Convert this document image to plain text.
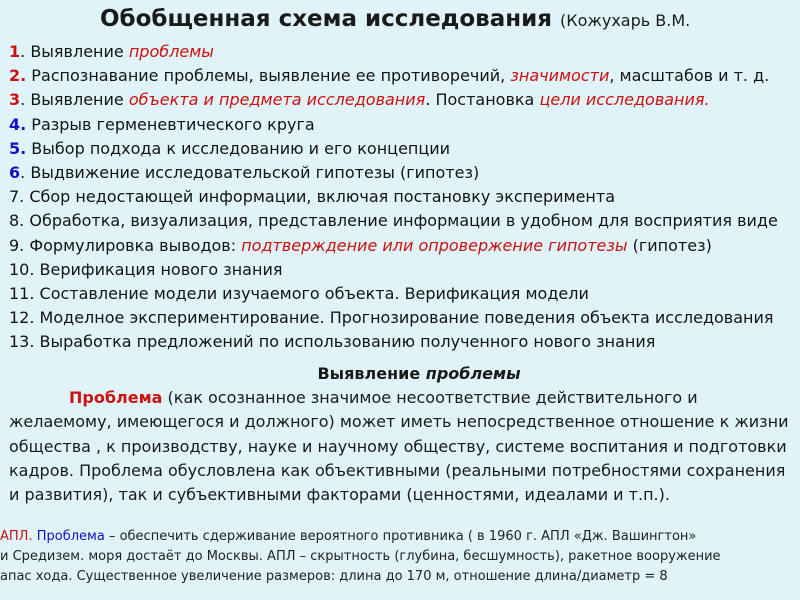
Обобщенная схема исследования (Кожухарь В.М.

1. Выявление проблемы

2. Распознавание проблемы, выявление ее противоречий, значимости, масштабов и т. д.

3. Выявление объекта и предмета исследования. Постановка цели исследования.

4. Разрыв герменевтического круга

5. Выбор подхода к исследованию и его концепции

6. Выдвижение исследовательской гипотезы (гипотез)

7. Сбор недостающей информации, включая постановку эксперимента

8. Обработка, визуализация, представление информации в удобном для восприятия виде

9. Формулировка выводов: подтверждение или опровержение гипотезы (гипотез)

10. Верификация нового знания

11. Составление модели изучаемого объекта. Верификация модели

12. Моделное экспериментирование. Прогнозирование поведения объекта исследования

13. Выработка предложений по использованию полученного нового знания

Выявление проблемы
Проблема (как осознанное значимое несоответствие действительного и желаемому, имеющегося и должного) может иметь непосредственное отношение к жизни общества , к производству, науке и научному обществу, системе воспитания и подготовки кадров. Проблема обусловлена как объективными (реальными потребностями сохранения и развития), так и субъективными факторами (ценностями, идеалами и т.п.).
АПЛ. Проблема – обеспечить сдерживание вероятного противника ( в 1960 г. АПЛ «Дж. Вашингтон»
и Средизем. моря достаёт до Москвы. АПЛ – скрытность (глубина, бесшумность), ракетное вооружение
апас хода. Существенное увеличение размеров: длина до 170 м, отношение длина/диаметр = 8
